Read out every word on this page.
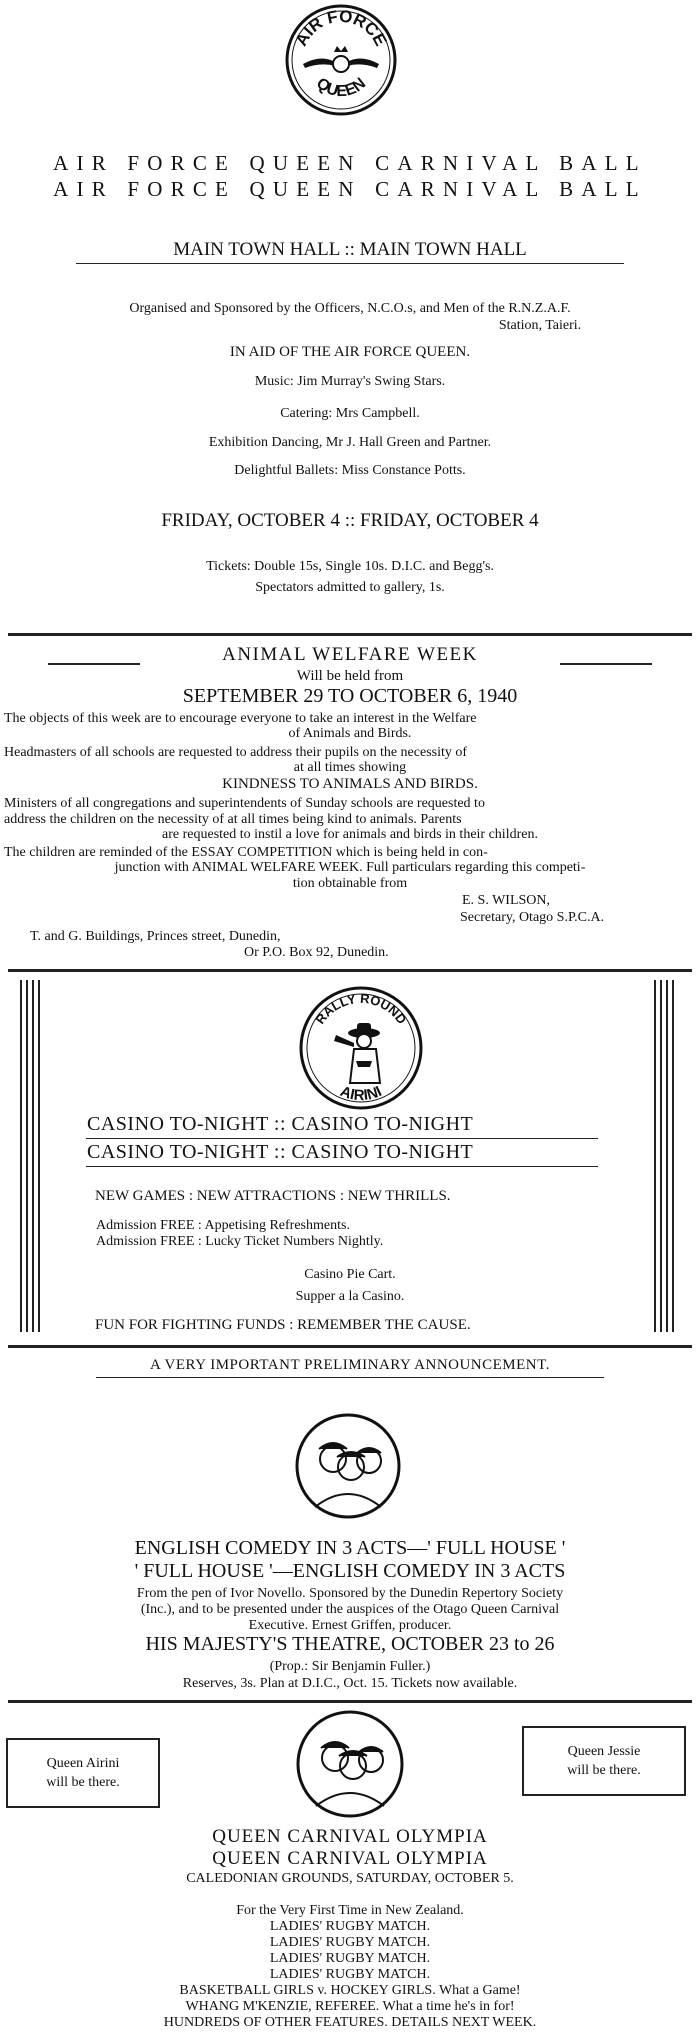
AIR FORCE
QUEEN
AIR FORCE QUEEN CARNIVAL BALL
AIR FORCE QUEEN CARNIVAL BALL
MAIN TOWN HALL :: MAIN TOWN HALL
Organised and Sponsored by the Officers, N.C.O.s, and Men of the R.N.Z.A.F.
Station, Taieri.
IN AID OF THE AIR FORCE QUEEN.
Music: Jim Murray's Swing Stars.
Catering: Mrs Campbell.
Exhibition Dancing, Mr J. Hall Green and Partner.
Delightful Ballets: Miss Constance Potts.
FRIDAY, OCTOBER 4 :: FRIDAY, OCTOBER 4
Tickets: Double 15s, Single 10s. D.I.C. and Begg's.
Spectators admitted to gallery, 1s.
ANIMAL WELFARE WEEK
Will be held from
SEPTEMBER 29 TO OCTOBER 6, 1940
The objects of this week are to encourage everyone to take an interest in the Welfare
of Animals and Birds.
Headmasters of all schools are requested to address their pupils on the necessity of
at all times showing
KINDNESS TO ANIMALS AND BIRDS.
Ministers of all congregations and superintendents of Sunday schools are requested to
address the children on the necessity of at all times being kind to animals. Parents
are requested to instil a love for animals and birds in their children.
The children are reminded of the ESSAY COMPETITION which is being held in con-
junction with ANIMAL WELFARE WEEK. Full particulars regarding this competi-
tion obtainable from
E. S. WILSON,
Secretary, Otago S.P.C.A.
T. and G. Buildings, Princes street, Dunedin,
Or P.O. Box 92, Dunedin.
RALLY ROUND
AIRINI
CASINO TO-NIGHT :: CASINO TO-NIGHT
CASINO TO-NIGHT :: CASINO TO-NIGHT
NEW GAMES : NEW ATTRACTIONS : NEW THRILLS.
Admission FREE : Appetising Refreshments.
Admission FREE : Lucky Ticket Numbers Nightly.
Casino Pie Cart.
Supper a la Casino.
FUN FOR FIGHTING FUNDS : REMEMBER THE CAUSE.
A VERY IMPORTANT PRELIMINARY ANNOUNCEMENT.
ENGLISH COMEDY IN 3 ACTS—' FULL HOUSE '
' FULL HOUSE '—ENGLISH COMEDY IN 3 ACTS
From the pen of Ivor Novello. Sponsored by the Dunedin Repertory Society
(Inc.), and to be presented under the auspices of the Otago Queen Carnival
Executive. Ernest Griffen, producer.
HIS MAJESTY'S THEATRE, OCTOBER 23 to 26
(Prop.: Sir Benjamin Fuller.)
Reserves, 3s. Plan at D.I.C., Oct. 15. Tickets now available.
Queen Airini
will be there.
Queen Jessie
will be there.
QUEEN CARNIVAL OLYMPIA
QUEEN CARNIVAL OLYMPIA
CALEDONIAN GROUNDS, SATURDAY, OCTOBER 5.
For the Very First Time in New Zealand.
LADIES' RUGBY MATCH.
LADIES' RUGBY MATCH.
LADIES' RUGBY MATCH.
LADIES' RUGBY MATCH.
BASKETBALL GIRLS v. HOCKEY GIRLS. What a Game!
WHANG M'KENZIE, REFEREE. What a time he's in for!
HUNDREDS OF OTHER FEATURES. DETAILS NEXT WEEK.
